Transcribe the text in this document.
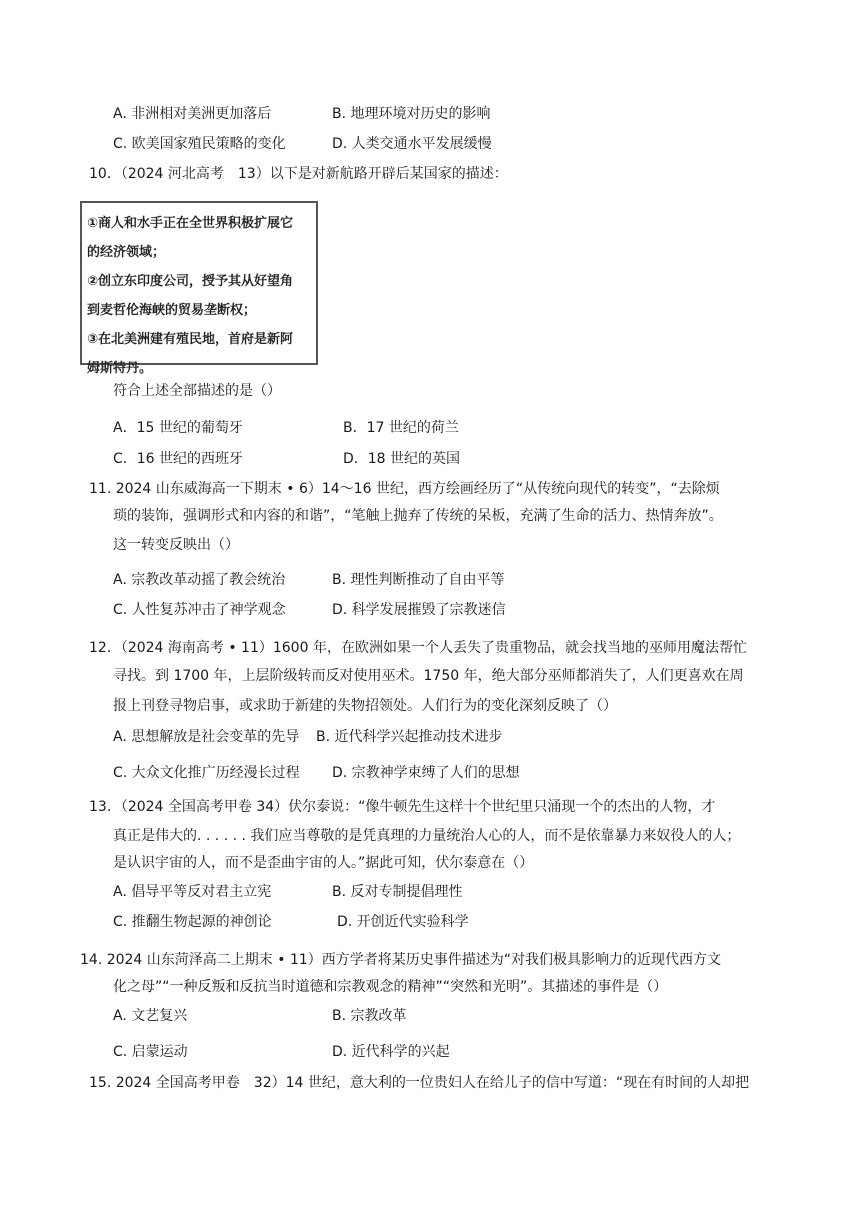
A. 非洲相对美洲更加落后	B. 地理环境对历史的影响
C. 欧美国家殖民策略的变化	D. 人类交通水平发展缓慢
10．（2024 河北高考　13）以下是对新航路开辟后某国家的描述：
①商人和水手正在全世界积极扩展它
的经济领域；
②创立东印度公司，授予其从好望角
到麦哲伦海峡的贸易垄断权；
③在北美洲建有殖民地，首府是新阿
姆斯特丹。
符合上述全部描述的是（）
A．15 世纪的葡萄牙	B．17 世纪的荷兰
C．16 世纪的西班牙	D．18 世纪的英国
11. 2024 山东威海高一下期末 • 6）14～16 世纪，西方绘画经历了“从传统向现代的转变”，“去除烦
琐的装饰，强调形式和内容的和谐”，“笔触上抛弃了传统的呆板，充满了生命的活力、热情奔放”。
这一转变反映出（）
A. 宗教改革动摇了教会统治	B. 理性判断推动了自由平等
C. 人性复苏冲击了神学观念	D. 科学发展摧毁了宗教迷信
12．（2024 海南高考 • 11）1600 年，在欧洲如果一个人丢失了贵重物品，就会找当地的巫师用魔法帮忙
寻找。到 1700 年，上层阶级转而反对使用巫术。1750 年，绝大部分巫师都消失了，人们更喜欢在周
报上刊登寻物启事，或求助于新建的失物招领处。人们行为的变化深刻反映了（）
A. 思想解放是社会变革的先导 B. 近代科学兴起推动技术进步
C. 大众文化推广历经漫长过程 D. 宗教神学束缚了人们的思想
13．（2024 全国高考甲卷 34）伏尔泰说：“像牛顿先生这样十个世纪里只涌现一个的杰出的人物，才
真正是伟大的. . . . . . 我们应当尊敬的是凭真理的力量统治人心的人，而不是依靠暴力来奴役人的人；
是认识宇宙的人，而不是歪曲宇宙的人。”据此可知，伏尔泰意在（）
A. 倡导平等反对君主立宪	B. 反对专制提倡理性
C. 推翻生物起源的神创论	D. 开创近代实验科学
14. 2024 山东菏泽高二上期末 • 11）西方学者将某历史事件描述为“对我们极具影响力的近现代西方文
化之母”“一种反叛和反抗当时道德和宗教观念的精神”“突然和光明”。其描述的事件是（）
A. 文艺复兴	B. 宗教改革
C. 启蒙运动	D. 近代科学的兴起
15. 2024 全国高考甲卷　32）14 世纪，意大利的一位贵妇人在给儿子的信中写道：“现在有时间的人却把
